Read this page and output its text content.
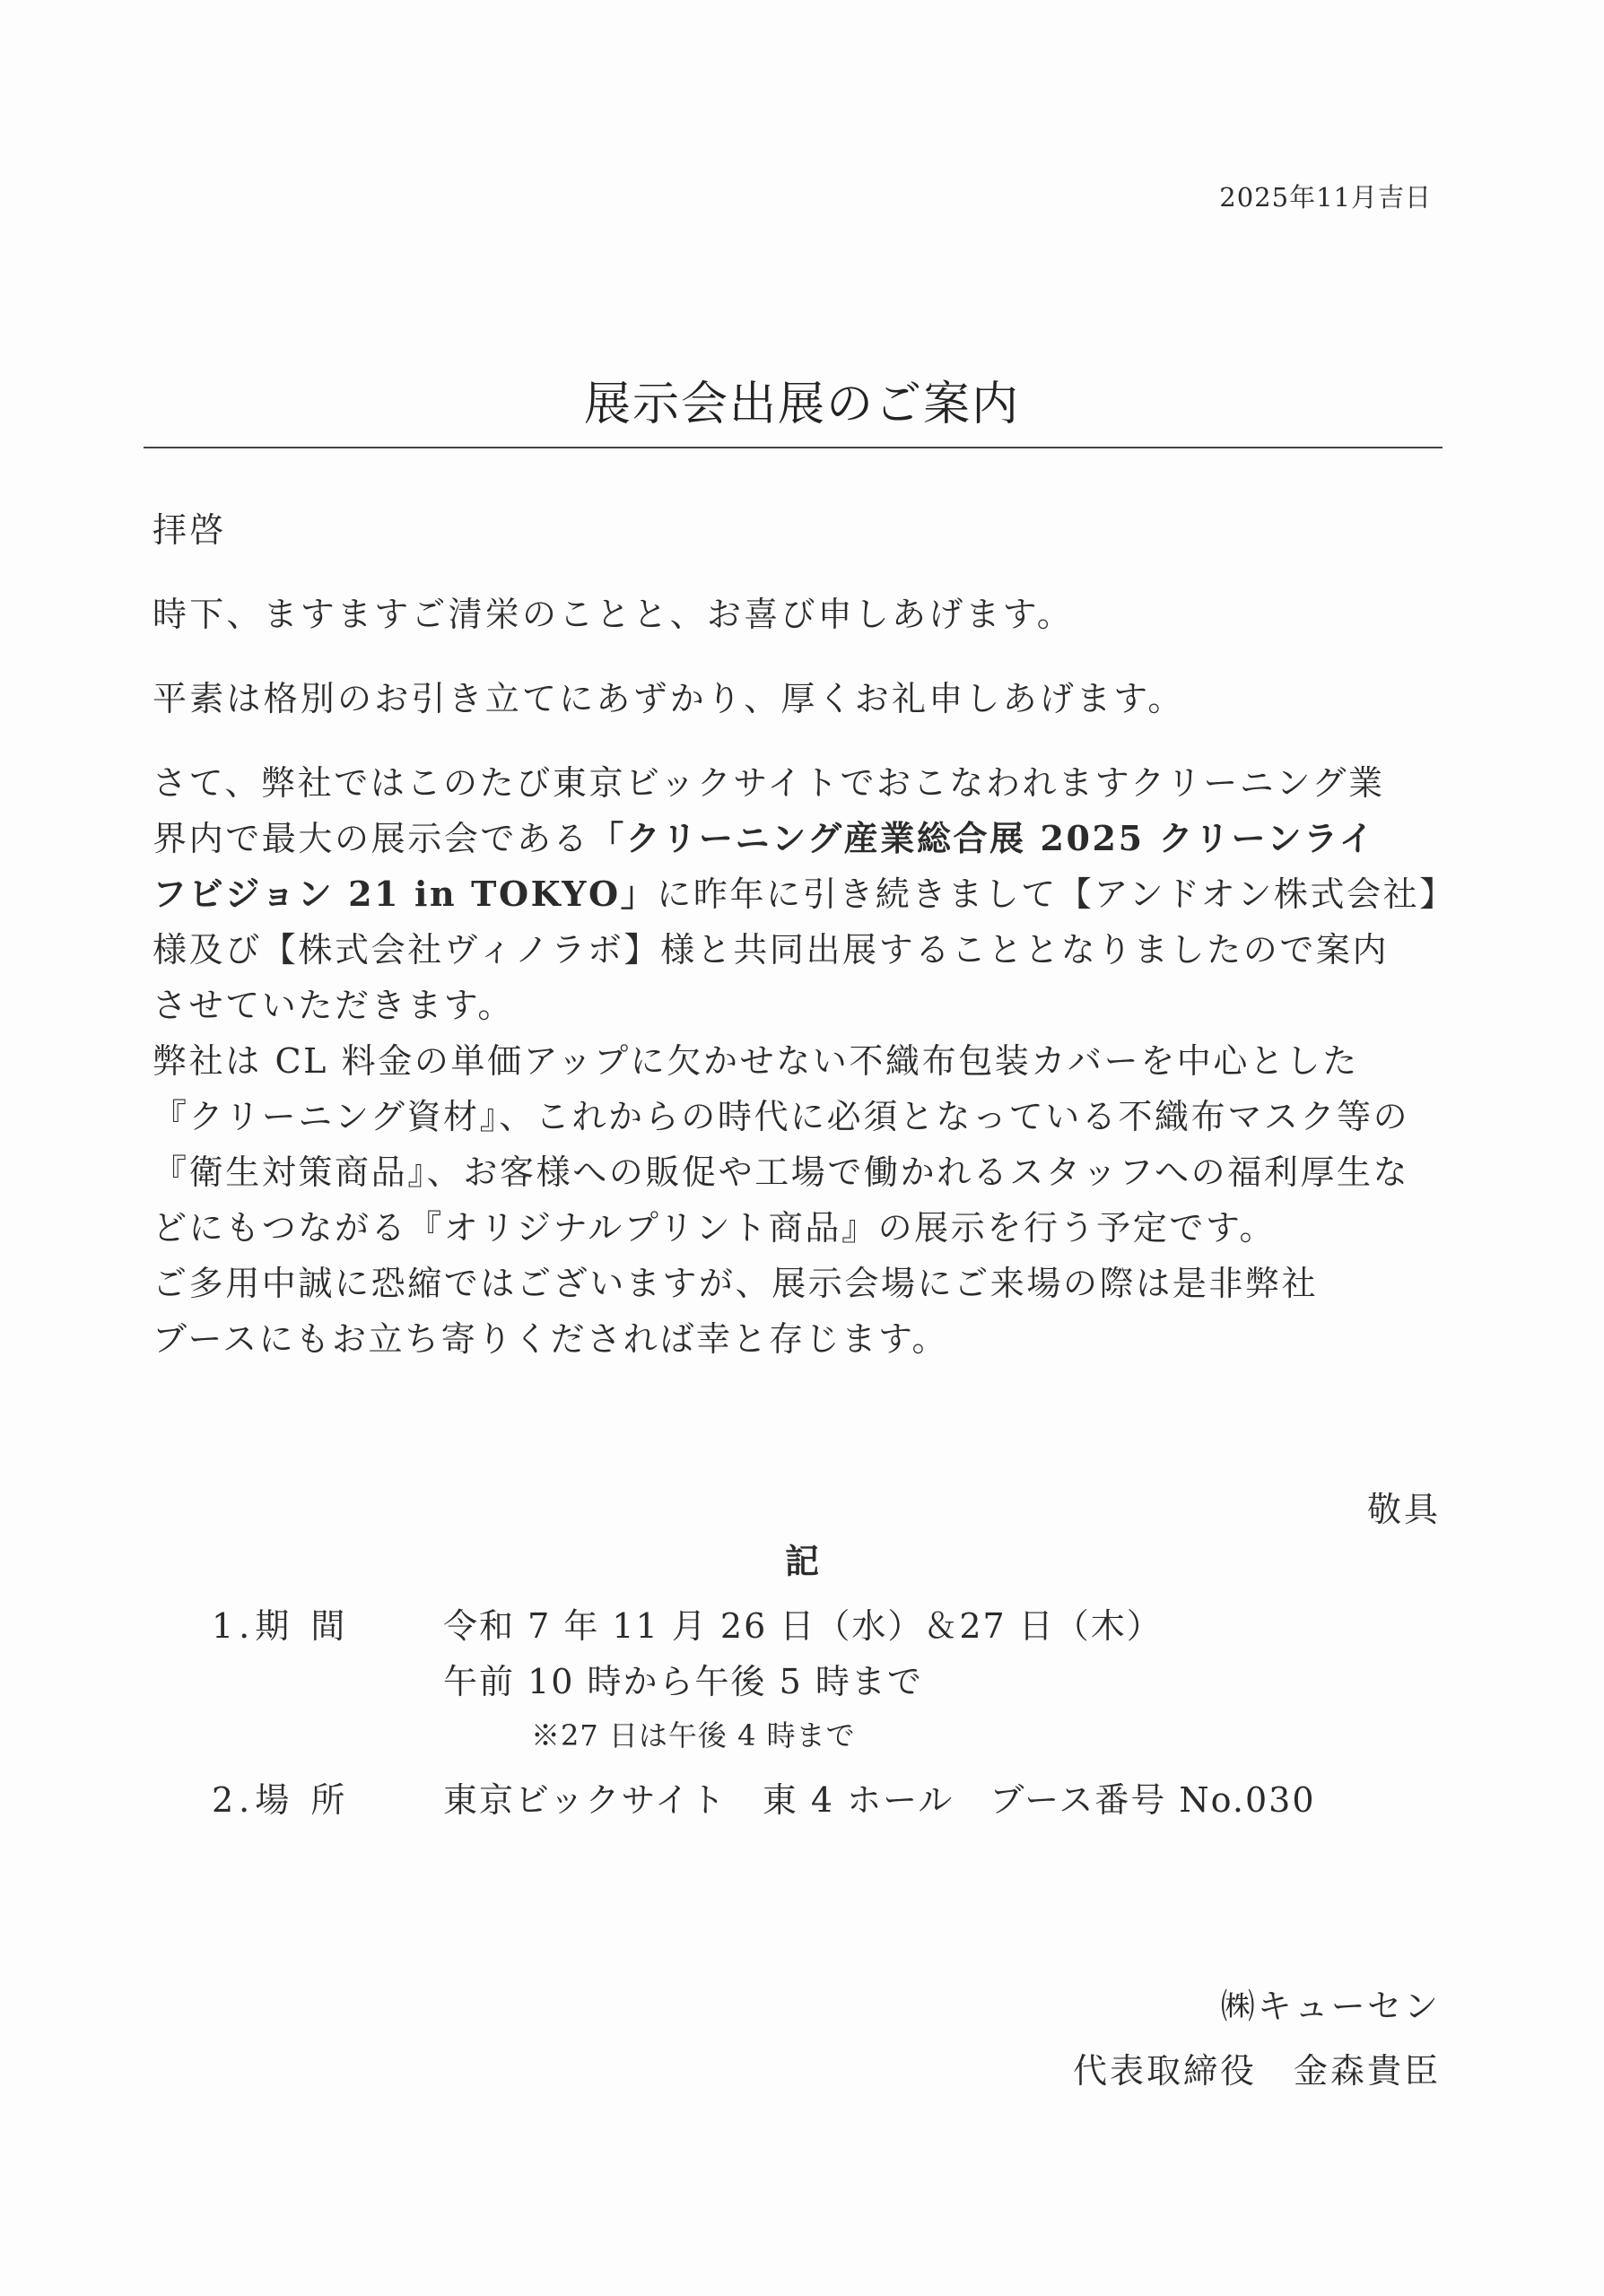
2025年11月吉日
展示会出展のご案内
拝啓
時下、ますますご清栄のことと、お喜び申しあげます。
平素は格別のお引き立てにあずかり、厚くお礼申しあげます。
さて、弊社ではこのたび東京ビックサイトでおこなわれますクリーニング業
界内で最大の展示会である「クリーニング産業総合展 2025 クリーンライ
フビジョン 21 in TOKYO」に昨年に引き続きまして【アンドオン株式会社】
様及び【株式会社ヴィノラボ】様と共同出展することとなりましたので案内
させていただきます。
弊社は CL 料金の単価アップに欠かせない不織布包装カバーを中心とした
『クリーニング資材』、これからの時代に必須となっている不織布マスク等の
『衛生対策商品』、お客様への販促や工場で働かれるスタッフへの福利厚生な
どにもつながる『オリジナルプリント商品』の展示を行う予定です。
ご多用中誠に恐縮ではございますが、展示会場にご来場の際は是非弊社
ブースにもお立ち寄りくだされば幸と存じます。
敬具
記
1.期 間	令和 7 年 11 月 26 日（水）＆27 日（木）
午前 10 時から午後 5 時まで
※27 日は午後 4 時まで
2.場 所	東京ビックサイト　東 4 ホール　ブース番号 No.030
㈱キューセン
代表取締役　金森貴臣
